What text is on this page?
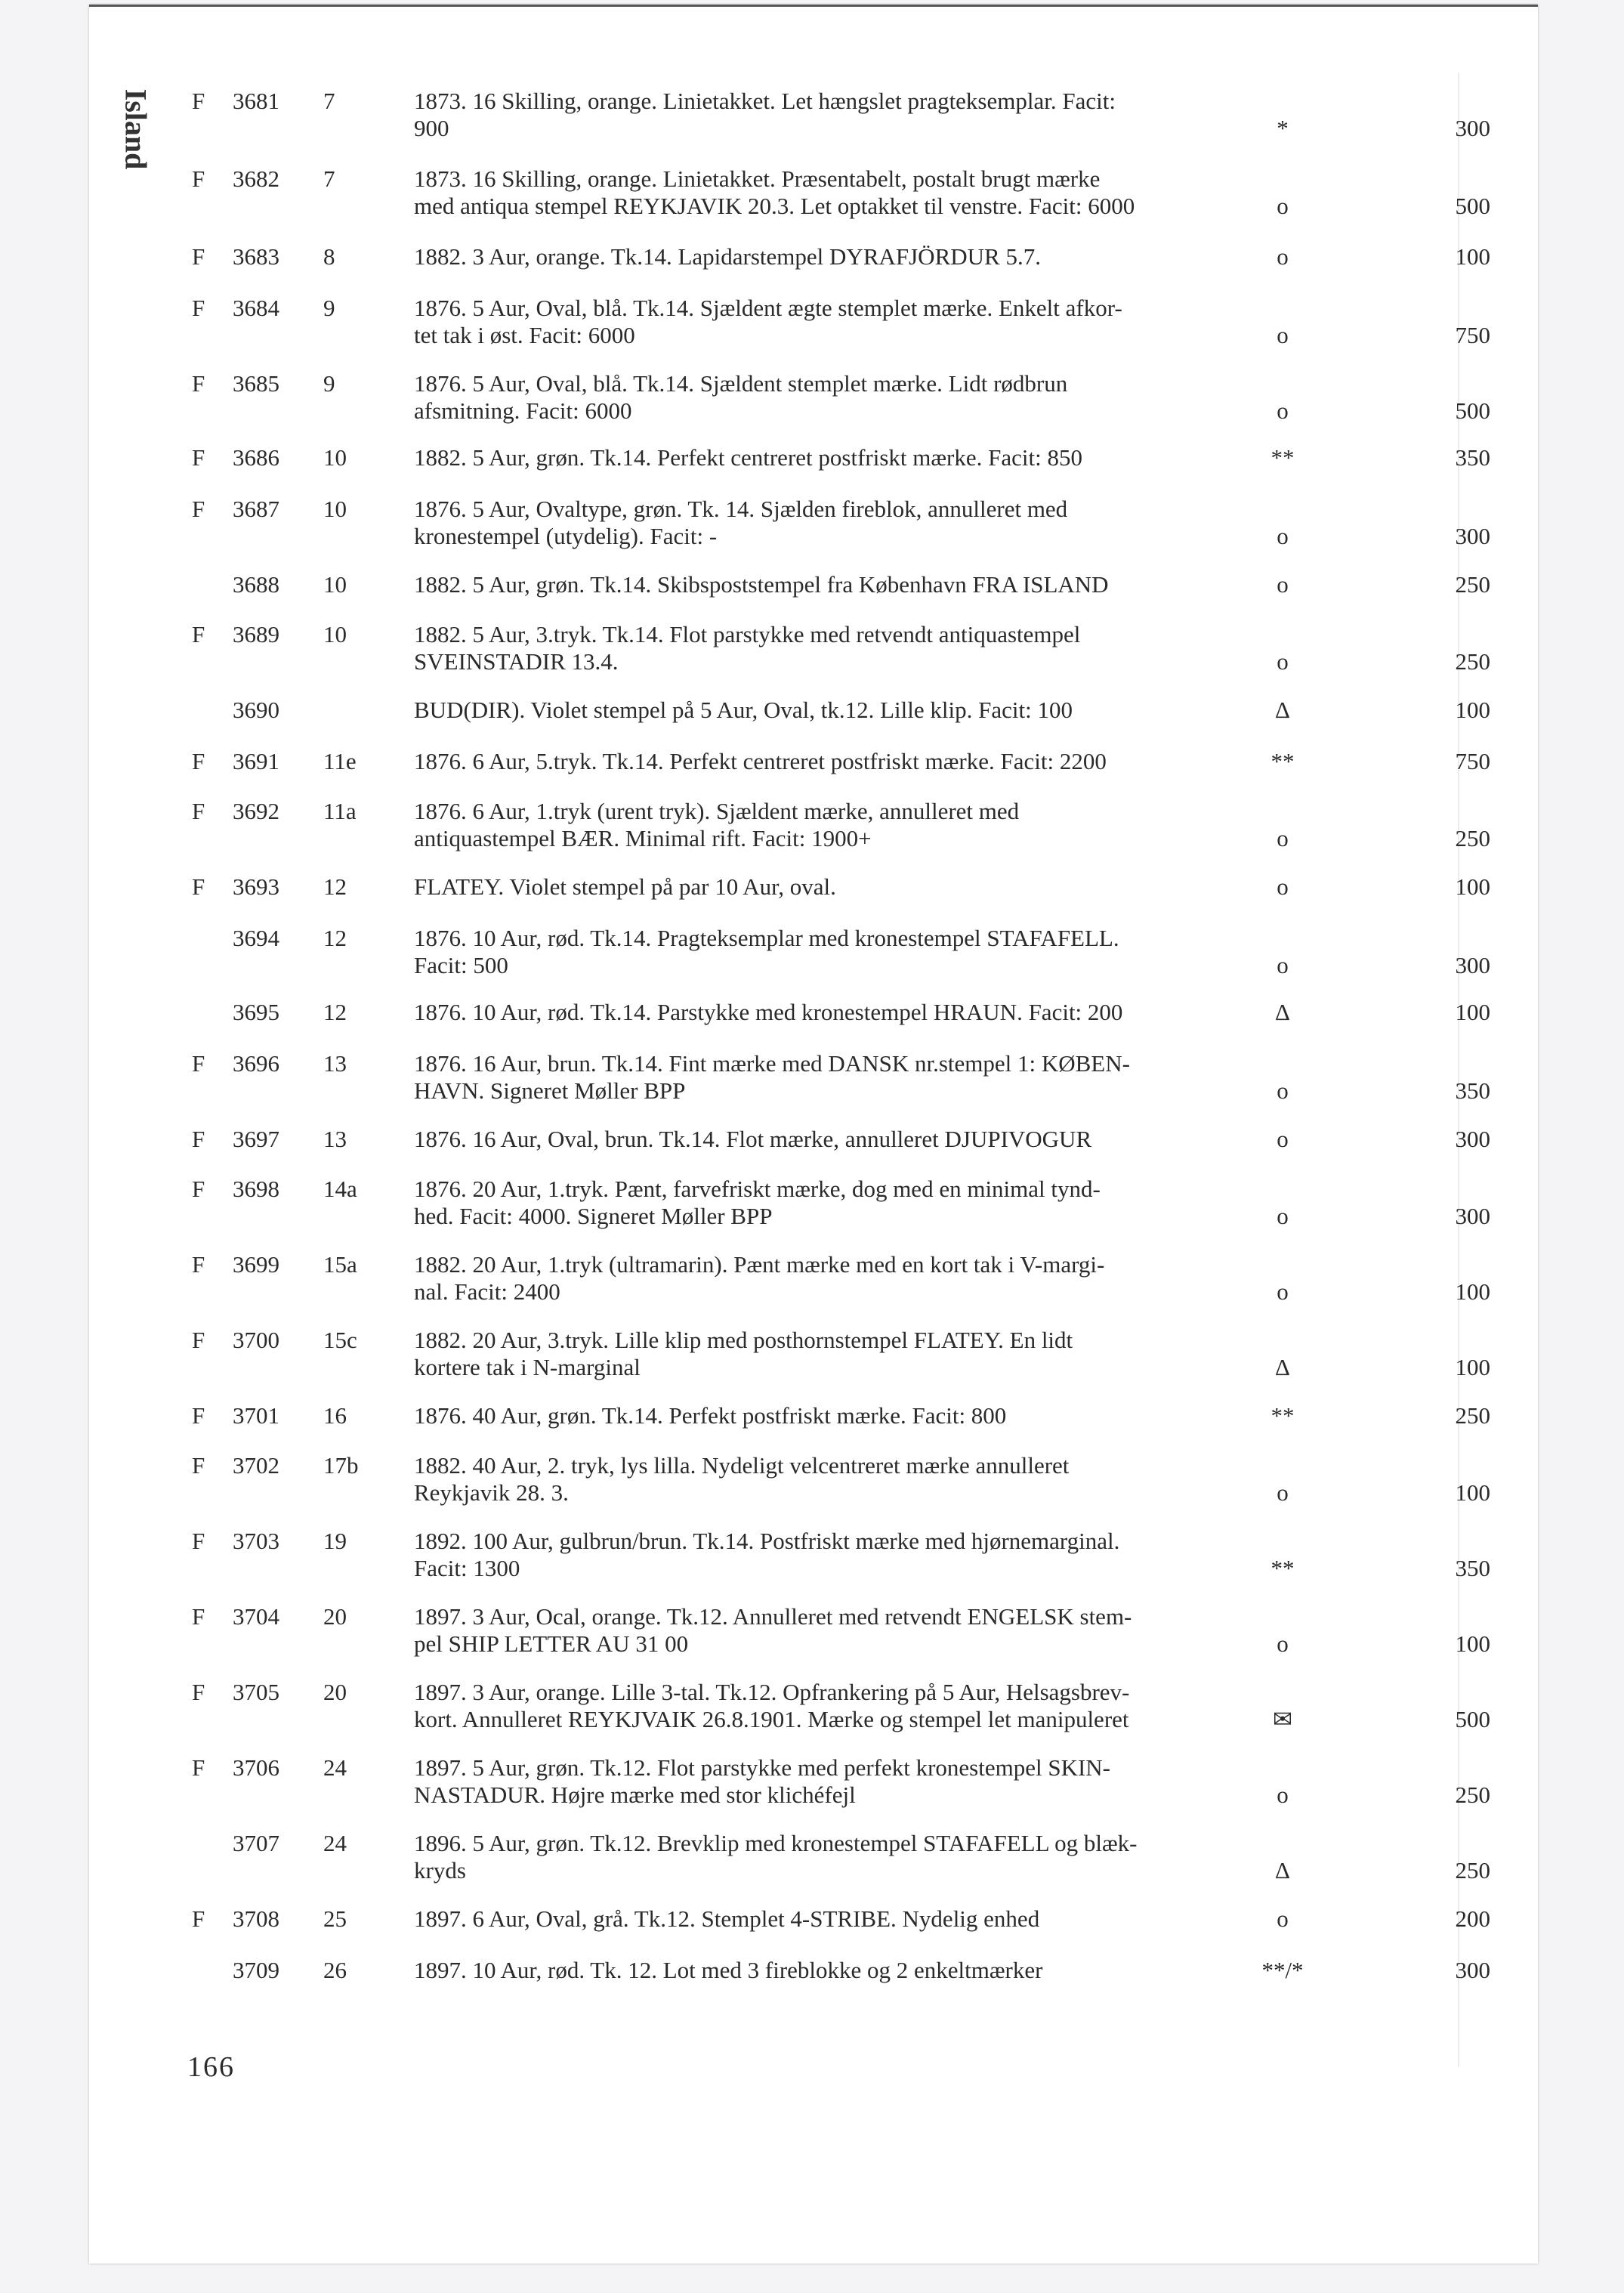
Island F 3681 7	1873. 16 Skilling, orange. Linietakket. Let hængslet pragteksemplar. Facit:
900	*	300
F 3682 7	1873. 16 Skilling, orange. Linietakket. Præsentabelt, postalt brugt mærke
med antiqua stempel REYKJAVIK 20.3. Let optakket til venstre. Facit: 6000	o	500
F 3683 8	1882. 3 Aur, orange. Tk.14. Lapidarstempel DYRAFJÖRDUR 5.7.	o	100
F 3684 9	1876. 5 Aur, Oval, blå. Tk.14. Sjældent ægte stemplet mærke. Enkelt afkor-
tet tak i øst. Facit: 6000	o	750
F 3685 9	1876. 5 Aur, Oval, blå. Tk.14. Sjældent stemplet mærke. Lidt rødbrun
afsmitning. Facit: 6000	o	500
F 3686 10	1882. 5 Aur, grøn. Tk.14. Perfekt centreret postfriskt mærke. Facit: 850	**	350
F 3687 10	1876. 5 Aur, Ovaltype, grøn. Tk. 14. Sjælden fireblok, annulleret med
kronestempel (utydelig). Facit: -	o	300
3688 10	1882. 5 Aur, grøn. Tk.14. Skibspoststempel fra København FRA ISLAND	o	250
F 3689 10	1882. 5 Aur, 3.tryk. Tk.14. Flot parstykke med retvendt antiquastempel
SVEINSTADIR 13.4.	o	250
3690	BUD(DIR). Violet stempel på 5 Aur, Oval, tk.12. Lille klip. Facit: 100	Δ	100
F 3691 11e 1876. 6 Aur, 5.tryk. Tk.14. Perfekt centreret postfriskt mærke. Facit: 2200	**	750
F 3692 11a 1876. 6 Aur, 1.tryk (urent tryk). Sjældent mærke, annulleret med
antiquastempel BÆR. Minimal rift. Facit: 1900+	o	250
F 3693 12	FLATEY. Violet stempel på par 10 Aur, oval.	o	100
3694 12	1876. 10 Aur, rød. Tk.14. Pragteksemplar med kronestempel STAFAFELL.
Facit: 500	o	300
3695 12	1876. 10 Aur, rød. Tk.14. Parstykke med kronestempel HRAUN. Facit: 200	Δ	100
F 3696 13	1876. 16 Aur, brun. Tk.14. Fint mærke med DANSK nr.stempel 1: KØBEN-
HAVN. Signeret Møller BPP	o	350
F 3697 13	1876. 16 Aur, Oval, brun. Tk.14. Flot mærke, annulleret DJUPIVOGUR	o	300
F 3698 14a 1876. 20 Aur, 1.tryk. Pænt, farvefriskt mærke, dog med en minimal tynd-
hed. Facit: 4000. Signeret Møller BPP	o	300
F 3699 15a 1882. 20 Aur, 1.tryk (ultramarin). Pænt mærke med en kort tak i V-margi-
nal. Facit: 2400	o	100
F 3700 15c 1882. 20 Aur, 3.tryk. Lille klip med posthornstempel FLATEY. En lidt
kortere tak i N-marginal	Δ	100
F 3701 16	1876. 40 Aur, grøn. Tk.14. Perfekt postfriskt mærke. Facit: 800	**	250
F 3702 17b 1882. 40 Aur, 2. tryk, lys lilla. Nydeligt velcentreret mærke annulleret
Reykjavik 28. 3.	o	100
F 3703 19	1892. 100 Aur, gulbrun/brun. Tk.14. Postfriskt mærke med hjørnemarginal.
Facit: 1300	**	350
F 3704 20	1897. 3 Aur, Ocal, orange. Tk.12. Annulleret med retvendt ENGELSK stem-
pel SHIP LETTER AU 31 00	o	100
F 3705 20	1897. 3 Aur, orange. Lille 3-tal. Tk.12. Opfrankering på 5 Aur, Helsagsbrev-
kort. Annulleret REYKJVAIK 26.8.1901. Mærke og stempel let manipuleret	✉	500
F 3706 24	1897. 5 Aur, grøn. Tk.12. Flot parstykke med perfekt kronestempel SKIN-
NASTADUR. Højre mærke med stor klichéfejl	o	250
3707 24	1896. 5 Aur, grøn. Tk.12. Brevklip med kronestempel STAFAFELL og blæk-
kryds	Δ	250
F 3708 25	1897. 6 Aur, Oval, grå. Tk.12. Stemplet 4-STRIBE. Nydelig enhed	o	200
3709 26	1897. 10 Aur, rød. Tk. 12. Lot med 3 fireblokke og 2 enkeltmærker	**/*	300
166
